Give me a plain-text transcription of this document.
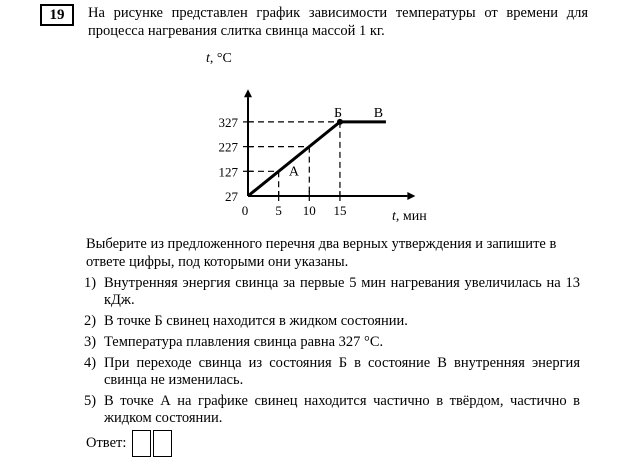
19	На рисунке представлен график зависимости температуры от времени для процесса нагревания слитка свинца массой 1 кг.
27
127
227
327
0 5 10 15
А
Б В
t, °С
t, мин
Выберите из предложенного перечня два верных утверждения и запишите в ответе цифры, под которыми они указаны.
1) Внутренняя энергия свинца за первые 5 мин нагревания увеличилась на 13 кДж.
2) В точке Б свинец находится в жидком состоянии.
3) Температура плавления свинца равна 327 °С.
4) При переходе свинца из состояния Б в состояние В внутренняя энергия свинца не изменилась.
5) В точке А на графике свинец находится частично в твёрдом, частично в жидком состоянии.
Ответ:
